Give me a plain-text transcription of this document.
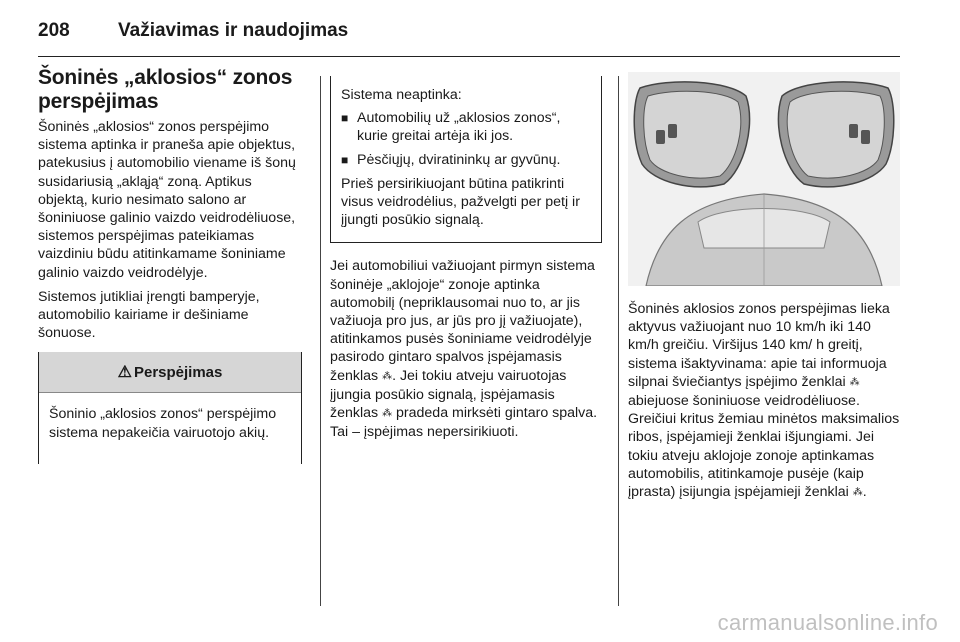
208	Važiavimas ir naudojimas
Šoninės „aklosios“ zonos perspėjimas

Šoninės „aklosios“ zonos perspėjimo sistema aptinka ir praneša apie objektus, patekusius į automobilio viename iš šonų susidariusią „akląją“ zoną. Aptikus objektą, kurio nesimato salono ar šoniniuose galinio vaizdo veidrodėliuose, sistemos perspėjimas pateikiamas vaizdiniu būdu atitinkamame šoniniame galinio vaizdo veidrodėlyje.

Sistemos jutikliai įrengti bamperyje, automobilio kairiame ir dešiniame šonuose.

⚠ Perspėjimas
Šoninio „aklosios zonos“ perspėjimo sistema nepakeičia vairuotojo akių.

Sistema neaptinka:

■ Automobilių už „aklosios zonos“, kurie greitai artėja iki jos.
■ Pėsčiųjų, dviratininkų ar gyvūnų.

Prieš persirikiuojant būtina patikrinti visus veidrodėlius, pažvelgti per petį ir įjungti posūkio signalą.

Jei automobiliui važiuojant pirmyn sistema šoninėje „aklojoje“ zonoje aptinka automobilį (nepriklausomai nuo to, ar jis važiuoja pro jus, ar jūs pro jį važiuojate), atitinkamos pusės šoniniame veidrodėlyje pasirodo gintaro spalvos įspėjamasis ženklas ⁂. Jei tokiu atveju vairuotojas įjungia posūkio signalą, įspėjamasis ženklas ⁂ pradeda mirksėti gintaro spalva. Tai – įspėjimas nepersirikiuoti.

Šoninės aklosios zonos perspėjimas lieka aktyvus važiuojant nuo 10 km/h iki 140 km/h greičiu. Viršijus 140 km/ h greitį, sistema išaktyvinama: apie tai informuoja silpnai šviečiantys įspėjimo ženklai ⁂ abiejuose šoniniuose veidrodėliuose. Greičiui kritus žemiau minėtos maksimalios ribos, įspėjamieji ženklai išjungiami. Jei tokiu atveju aklojoje zonoje aptinkamas automobilis, atitinkamoje pusėje (kaip įprasta) įsijungia įspėjamieji ženklai ⁂.

carmanualsonline.info
